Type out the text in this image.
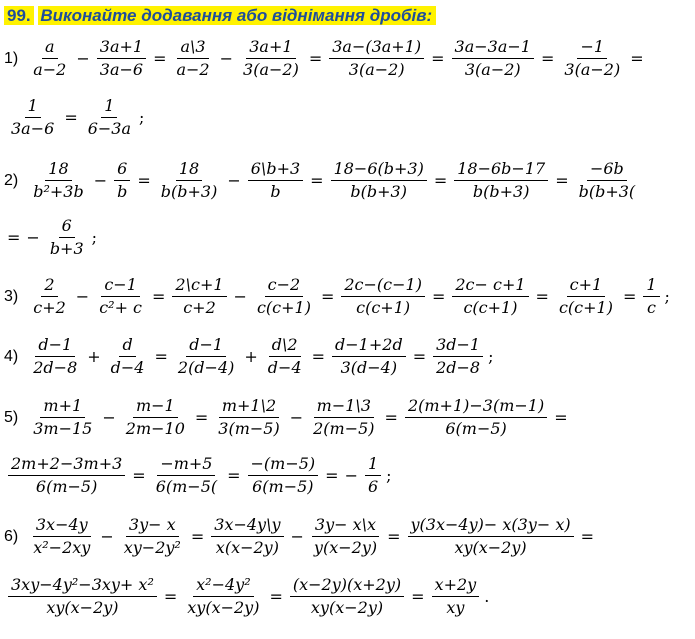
99. Виконайте додавання або віднімання дробів:
$1) \frac{a}{a-2} - \frac{3a+1}{3a-6} = \frac{a\backslash 3}{a-2} - \frac{3a+1}{3(a-2)} = \frac{3a-(3a+1)}{3(a-2)} = \frac{3a-3a-1}{3(a-2)} = \frac{-1}{3(a-2)}$ =
$\frac{1}{3a-6} = \frac{1}{6-3a}$ ;
$2) \frac{18}{\text{b²+3b}} - \frac{6}{b} = \frac{18}{b(b+3)} - \frac{6\backslash b+3}{b} = \frac{18-6(b+3)}{b(b+3)} = \frac{18-6b-17}{b(b+3)} = \frac{-6b}{b(b+3(}$
= − $\frac{6}{b+3}$ ;
$3) \frac{2}{c+2} - \frac{c-1}{\text{c²+ c}} = \frac{2\backslash c+1}{c+2} - \frac{c-2}{c(c+1)} = \frac{2c-(c-1)}{c(c+1)} = \frac{2c- c+1}{c(c+1)} = \frac{c+1}{c(c+1)} = \frac{1}{c}$ ;
$4) \frac{d-1}{2d-8} + \frac{d}{d-4} = \frac{d-1}{2(d-4)} + \frac{d\backslash 2}{d-4} = \frac{d-1+2d}{3(d-4)} = \frac{3d-1}{2d-8}$ ;
$5) \frac{m+1}{3m-15} - \frac{m-1}{2m-10} = \frac{m+1\backslash 2}{3(m-5)} - \frac{m-1\backslash 3}{2(m-5)} = \frac{2(m+1)-3(m-1)}{6(m-5)}$ =
$\frac{2m+2-3m+3}{6(m-5)} = \frac{-m+5}{6(m-5(} = \frac{-(m-5)}{6(m-5)}$ = − $\frac{1}{6}$ ;
$6) \frac{3x-4y}{\text{x²−2xy}} - \frac{3y- x}{\text{xy−2y²}} = \frac{3x-4y\backslash y}{x(x-2y)} - \frac{3y- x\backslash x}{y(x-2y)} = \frac{y(3x-4y)- x(3y- x)}{xy(x-2y)}$ =
$\frac{\text{3xy−4y²−3xy+ x²}}{xy(x-2y)} = \frac{\text{x²−4y²}}{xy(x-2y)} = \frac{(x-2y)(x+2y)}{xy(x-2y)} = \frac{x+2y}{xy}$ .
